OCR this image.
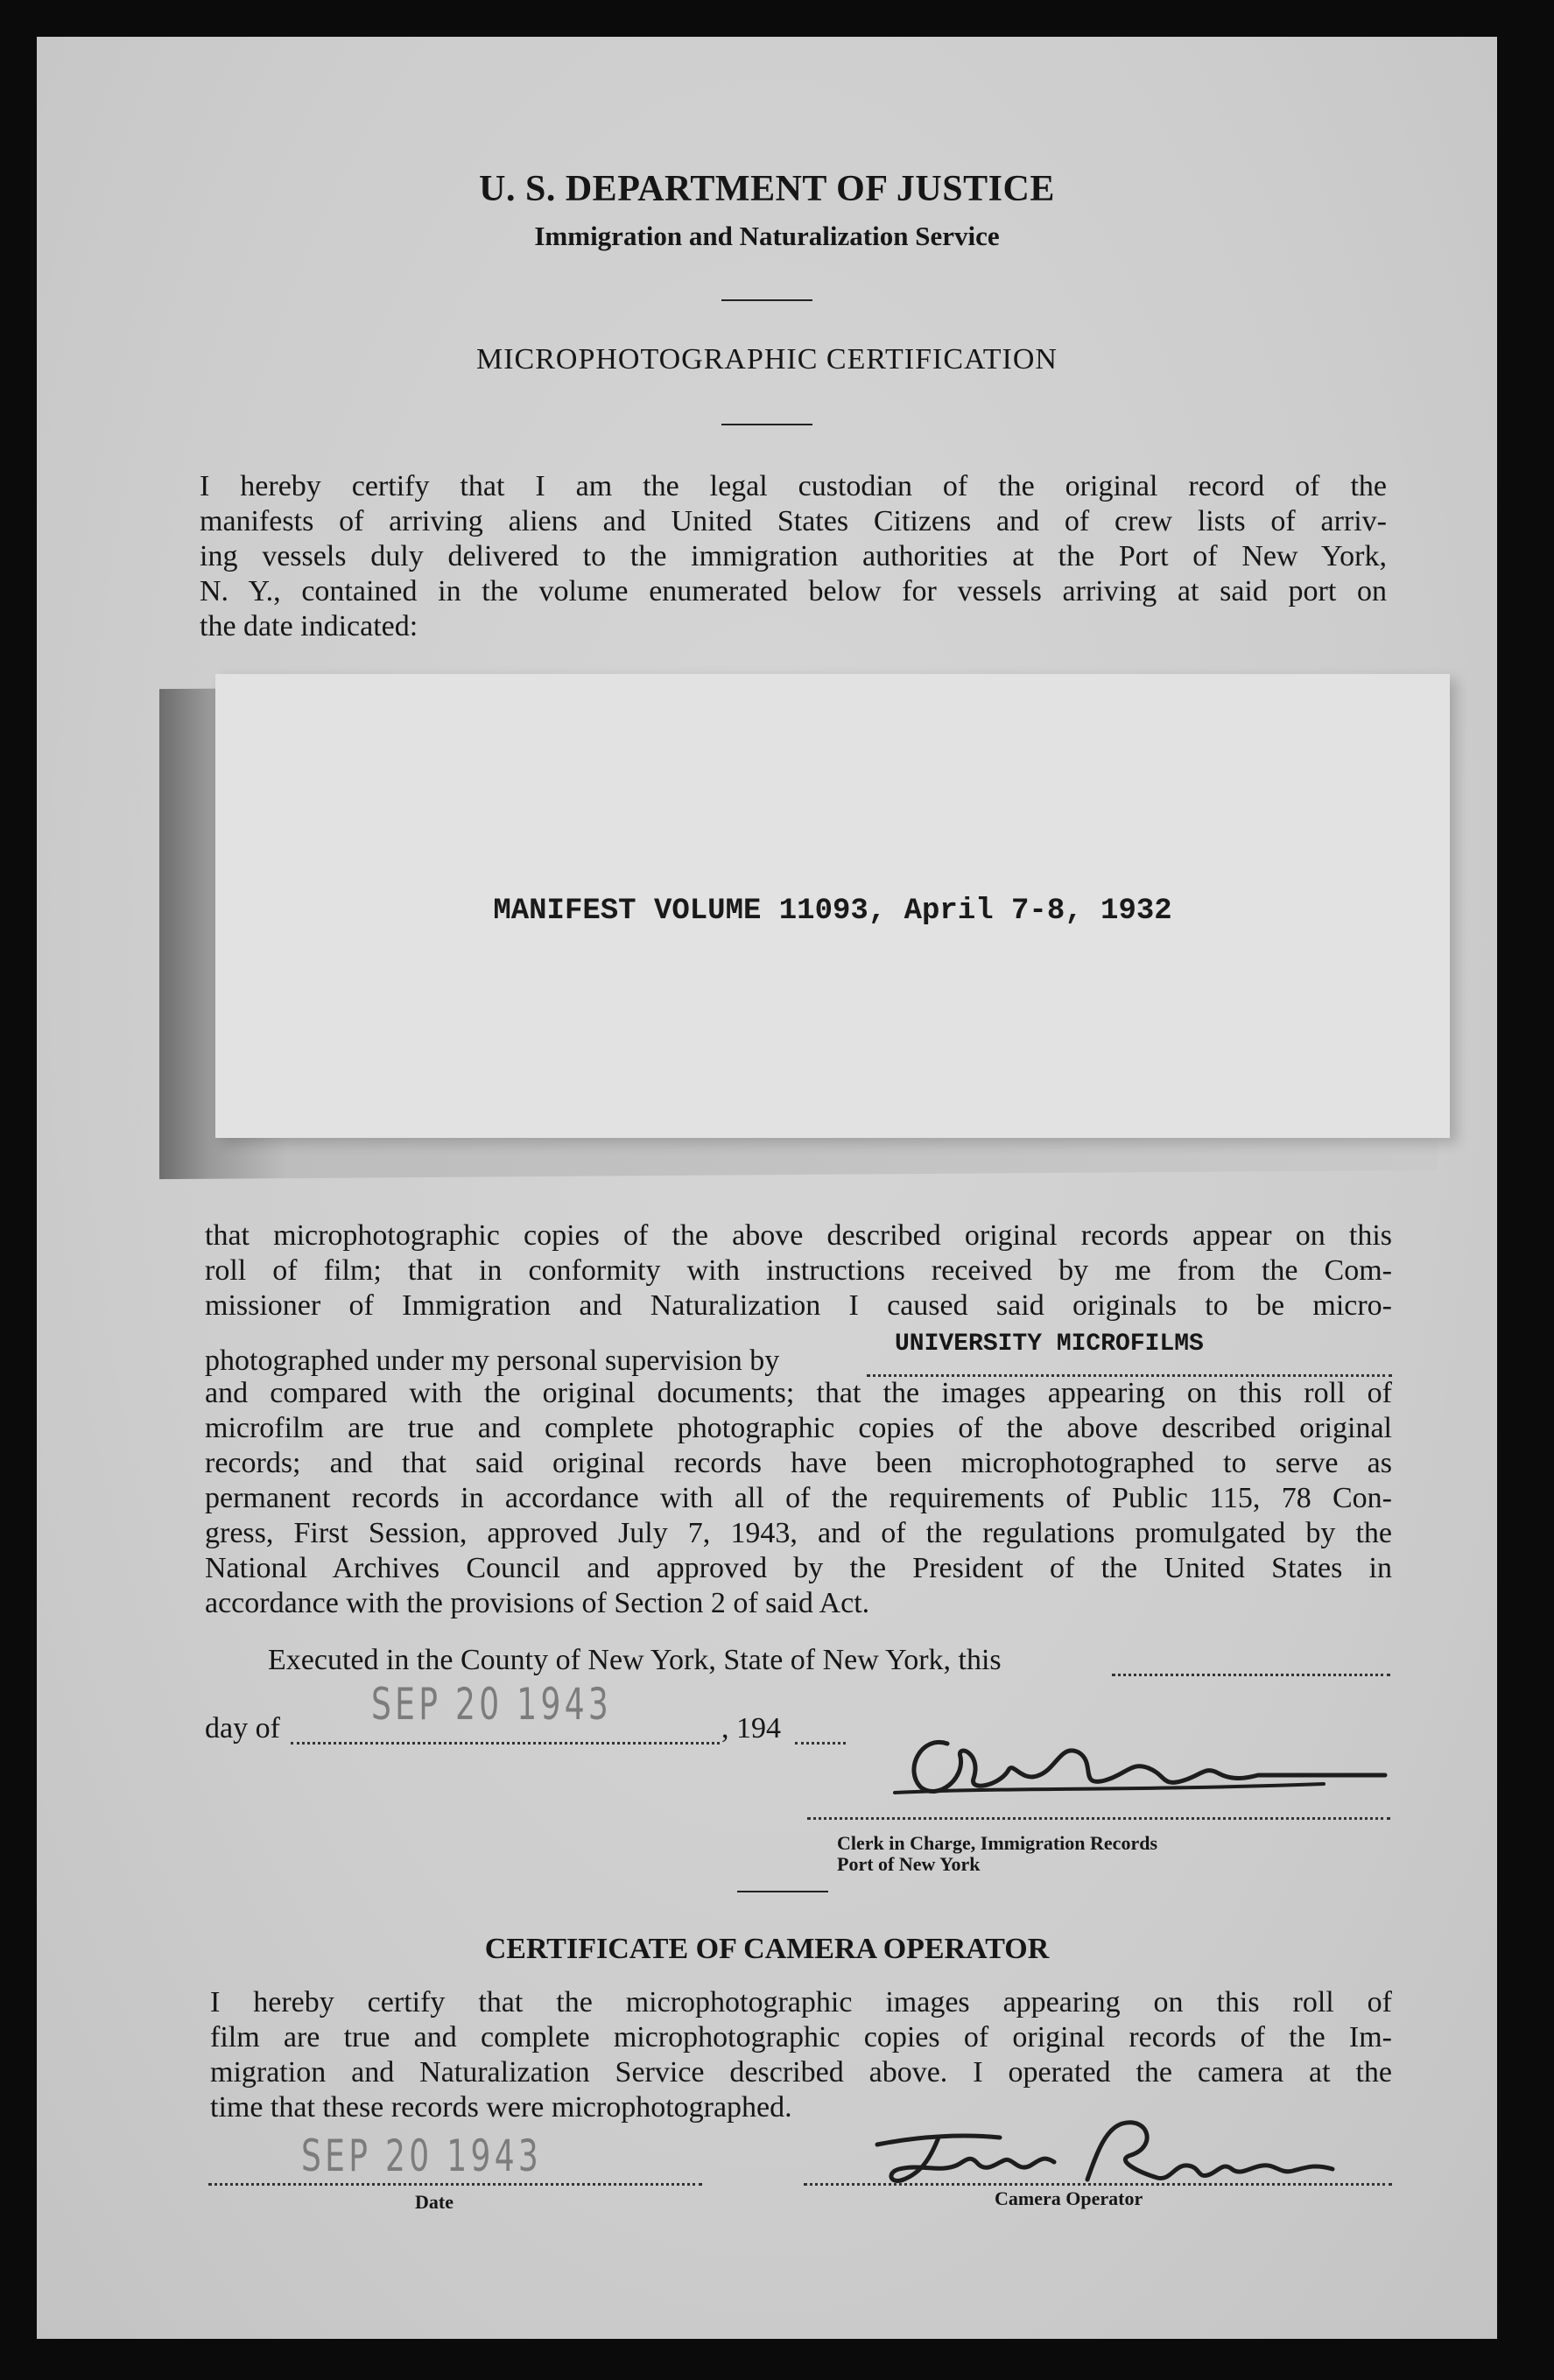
U. S. DEPARTMENT OF JUSTICE
Immigration and Naturalization Service
MICROPHOTOGRAPHIC CERTIFICATION
I hereby certify that I am the legal custodian of the original record of the
manifests of arriving aliens and United States Citizens and of crew lists of arriv-
ing vessels duly delivered to the immigration authorities at the Port of New York,
N. Y., contained in the volume enumerated below for vessels arriving at said port on
the date indicated:
MANIFEST VOLUME 11093, April 7-8, 1932
that microphotographic copies of the above described original records appear on this
roll of film; that in conformity with instructions received by me from the Com-
missioner of Immigration and Naturalization I caused said originals to be micro-
photographed under my personal supervision by
UNIVERSITY MICROFILMS
and compared with the original documents; that the images appearing on this roll of
microfilm are true and complete photographic copies of the above described original
records; and that said original records have been microphotographed to serve as
permanent records in accordance with all of the requirements of Public 115, 78 Con-
gress, First Session, approved July 7, 1943, and of the regulations promulgated by the
National Archives Council and approved by the President of the United States in
accordance with the provisions of Section 2 of said Act.
Executed in the County of New York, State of New York, this
day of SEP 20 1943	, 194
Clerk in Charge, Immigration Records
Port of New York
CERTIFICATE OF CAMERA OPERATOR
I hereby certify that the microphotographic images appearing on this roll of
film are true and complete microphotographic copies of original records of the Im-
migration and Naturalization Service described above. I operated the camera at the
time that these records were microphotographed.
SEP 20 1943
Date	Camera Operator
